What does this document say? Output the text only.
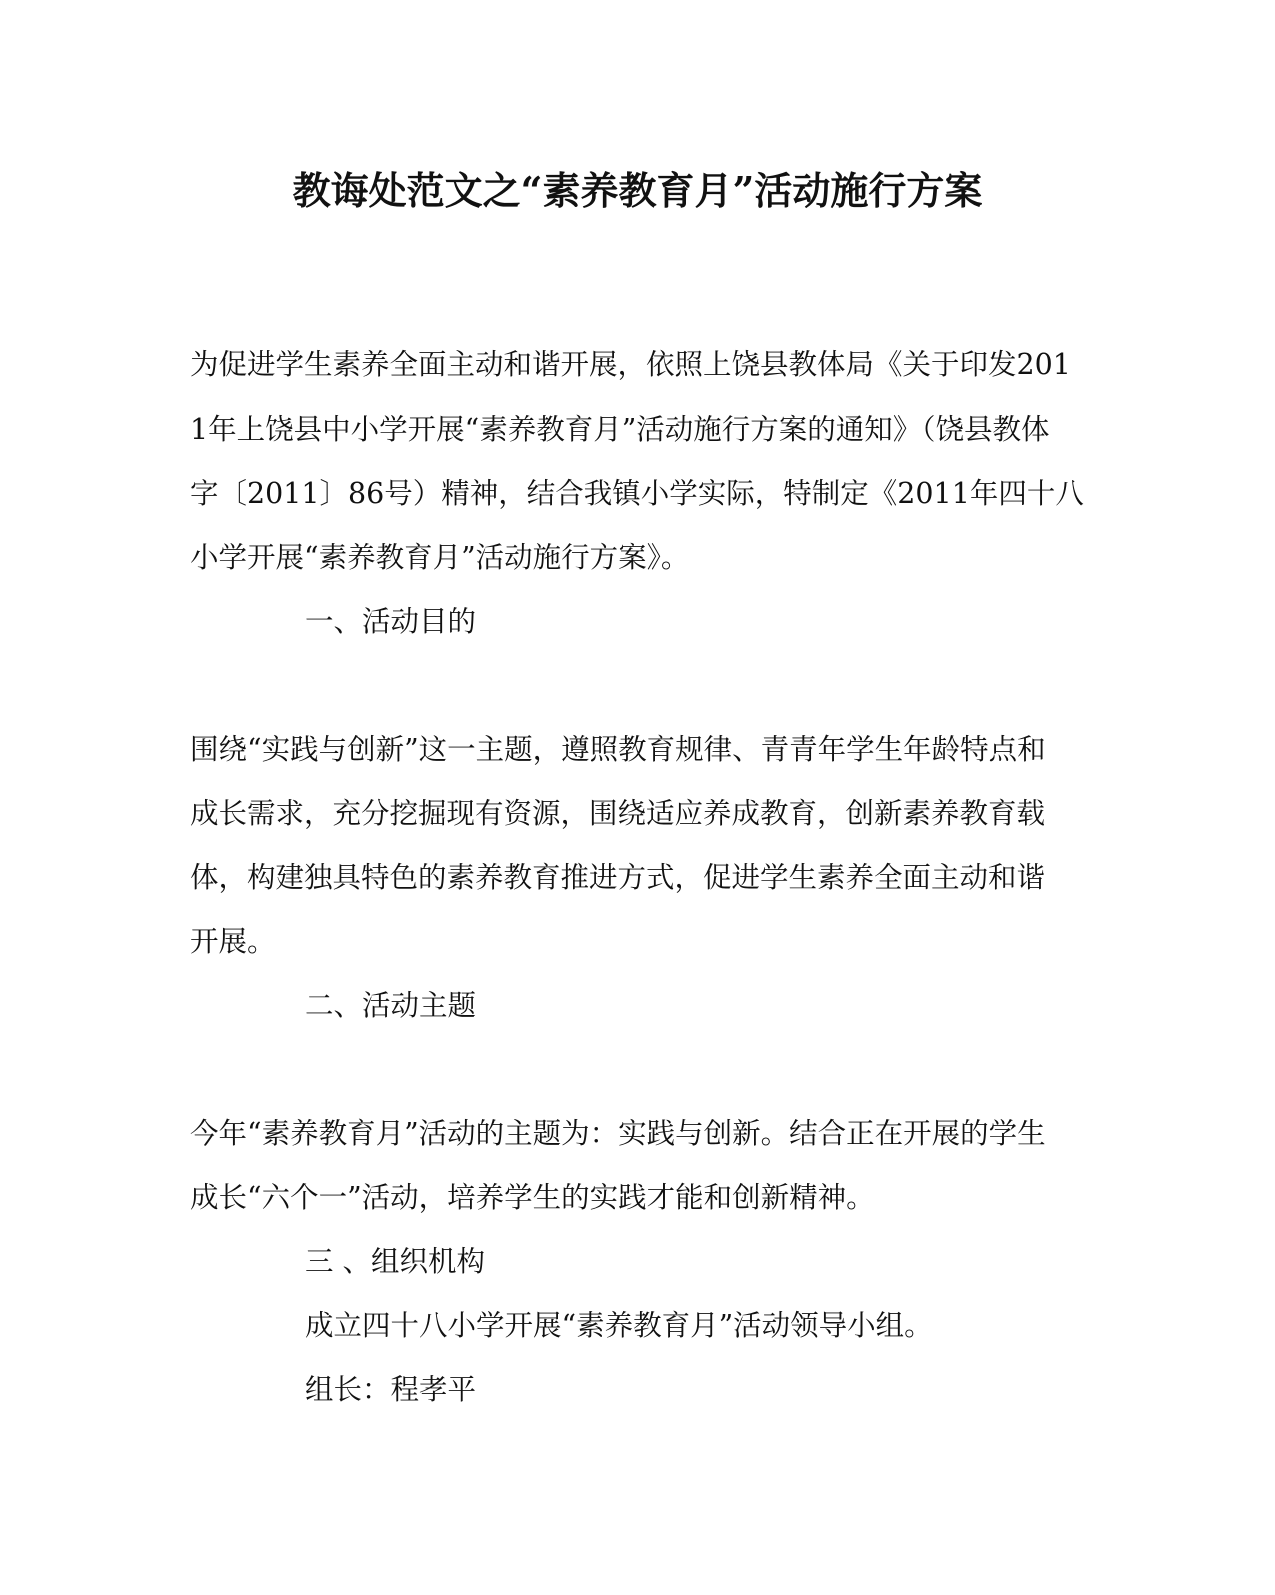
教诲处范文之“素养教育月”活动施行方案

为促进学生素养全面主动和谐开展，依照上饶县教体局《关于印发201

1年上饶县中小学开展“素养教育月”活动施行方案的通知》（饶县教体

字〔2011〕86号）精神，结合我镇小学实际，特制定《2011年四十八

小学开展“素养教育月”活动施行方案》。

一、活动目的

围绕“实践与创新”这一主题，遵照教育规律、青青年学生年龄特点和

成长需求，充分挖掘现有资源，围绕适应养成教育，创新素养教育载

体，构建独具特色的素养教育推进方式，促进学生素养全面主动和谐

开展。

二、活动主题

今年“素养教育月”活动的主题为：实践与创新。结合正在开展的学生

成长“六个一”活动，培养学生的实践才能和创新精神。

三 、组织机构

成立四十八小学开展“素养教育月”活动领导小组。

组长：程孝平
